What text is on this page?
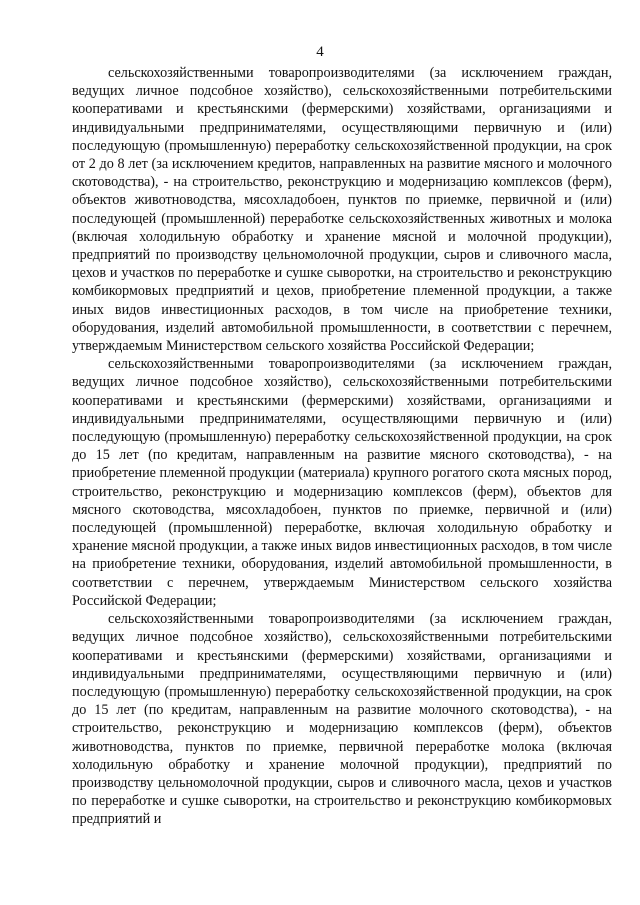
4

сельскохозяйственными товаропроизводителями (за исключением граждан, ведущих личное подсобное хозяйство), сельскохозяйственными потребительскими кооперативами и крестьянскими (фермерскими) хозяйствами, организациями и индивидуальными предпринимателями, осуществляющими первичную и (или) последующую (промышленную) переработку сельскохозяйственной продукции, на срок от 2 до 8 лет (за исключением кредитов, направленных на развитие мясного и молочного скотоводства), - на строительство, реконструкцию и модернизацию комплексов (ферм), объектов животноводства, мясохладобоен, пунктов по приемке, первичной и (или) последующей (промышленной) переработке сельскохозяйственных животных и молока (включая холодильную обработку и хранение мясной и молочной продукции), предприятий по производству цельномолочной продукции, сыров и сливочного масла, цехов и участков по переработке и сушке сыворотки, на строительство и реконструкцию комбикормовых предприятий и цехов, приобретение племенной продукции, а также иных видов инвестиционных расходов, в том числе на приобретение техники, оборудования, изделий автомобильной промышленности, в соответствии с перечнем, утверждаемым Министерством сельского хозяйства Российской Федерации;

сельскохозяйственными товаропроизводителями (за исключением граждан, ведущих личное подсобное хозяйство), сельскохозяйственными потребительскими кооперативами и крестьянскими (фермерскими) хозяйствами, организациями и индивидуальными предпринимателями, осуществляющими первичную и (или) последующую (промышленную) переработку сельскохозяйственной продукции, на срок до 15 лет (по кредитам, направленным на развитие мясного скотоводства), - на приобретение племенной продукции (материала) крупного рогатого скота мясных пород, строительство, реконструкцию и модернизацию комплексов (ферм), объектов для мясного скотоводства, мясохладобоен, пунктов по приемке, первичной и (или) последующей (промышленной) переработке, включая холодильную обработку и хранение мясной продукции, а также иных видов инвестиционных расходов, в том числе на приобретение техники, оборудования, изделий автомобильной промышленности, в соответствии с перечнем, утверждаемым Министерством сельского хозяйства Российской Федерации;

сельскохозяйственными товаропроизводителями (за исключением граждан, ведущих личное подсобное хозяйство), сельскохозяйственными потребительскими кооперативами и крестьянскими (фермерскими) хозяйствами, организациями и индивидуальными предпринимателями, осуществляющими первичную и (или) последующую (промышленную) переработку сельскохозяйственной продукции, на срок до 15 лет (по кредитам, направленным на развитие молочного скотоводства), - на строительство, реконструкцию и модернизацию комплексов (ферм), объектов животноводства, пунктов по приемке, первичной переработке молока (включая холодильную обработку и хранение молочной продукции), предприятий по производству цельномолочной продукции, сыров и сливочного масла, цехов и участков по переработке и сушке сыворотки, на строительство и реконструкцию комбикормовых предприятий и
